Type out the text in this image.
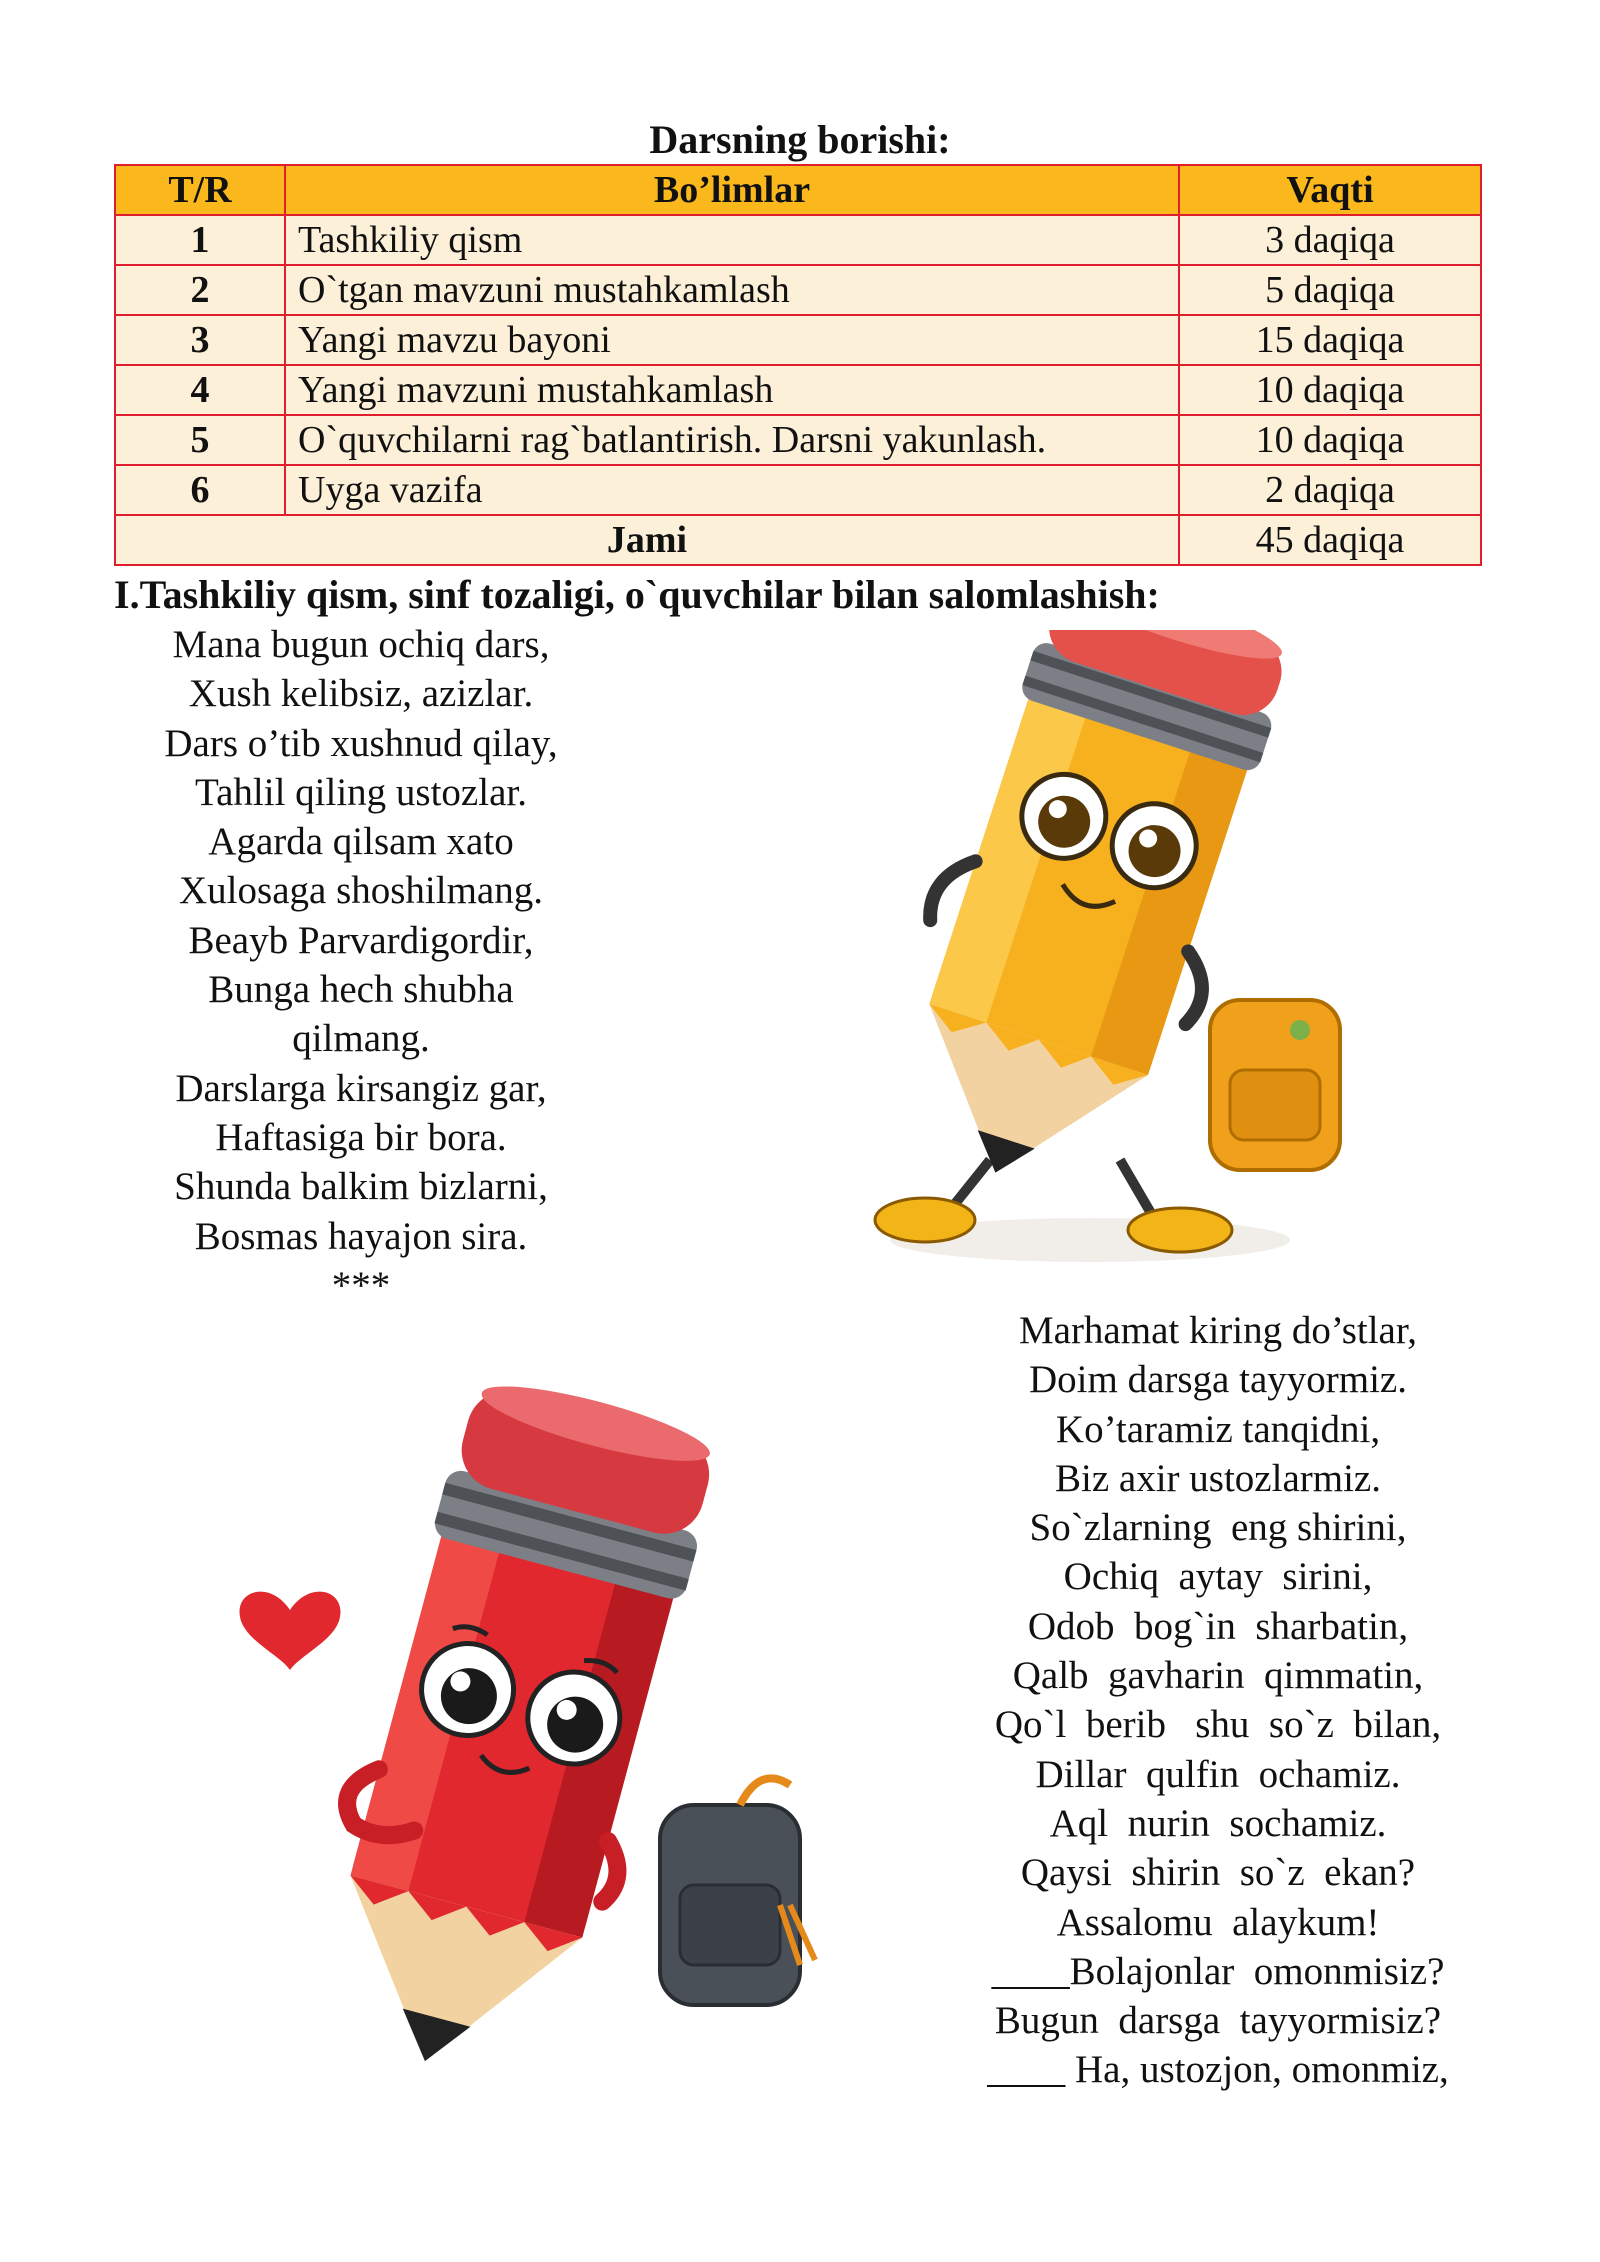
Darsning borishi:
T/R	Bo’limlar	Vaqti
1	Tashkiliy qism	3 daqiqa
2	O`tgan mavzuni mustahkamlash	5 daqiqa
3	Yangi mavzu bayoni	15 daqiqa
4	Yangi mavzuni mustahkamlash	10 daqiqa
5	O`quvchilarni rag`batlantirish. Darsni yakunlash.	10 daqiqa
6	Uyga vazifa	2 daqiqa
Jami		45 daqiqa
I.Tashkiliy qism, sinf tozaligi, o`quvchilar bilan salomlashish:
Mana bugun ochiq dars,
Xush kelibsiz, azizlar.
Dars o’tib xushnud qilay,
Tahlil qiling ustozlar.
Agarda qilsam xato
Xulosaga shoshilmang.
Beayb Parvardigordir,
Bunga hech shubha
qilmang.
Darslarga kirsangiz gar,
Haftasiga bir bora.
Shunda balkim bizlarni,
Bosmas hayajon sira.
***
Marhamat kiring do’stlar,
Doim darsga tayyormiz.
Ko’taramiz tanqidni,
Biz axir ustozlarmiz.
So`zlarning  eng shirini,
Ochiq  aytay  sirini,
Odob  bog`in  sharbatin,
Qalb  gavharin  qimmatin,
Qo`l  berib   shu  so`z  bilan,
Dillar  qulfin  ochamiz.
Aql  nurin  sochamiz.
Qaysi  shirin  so`z  ekan?
Assalomu  alaykum!
____Bolajonlar  omonmisiz?
Bugun  darsga  tayyormisiz?
____ Ha, ustozjon, omonmiz,
